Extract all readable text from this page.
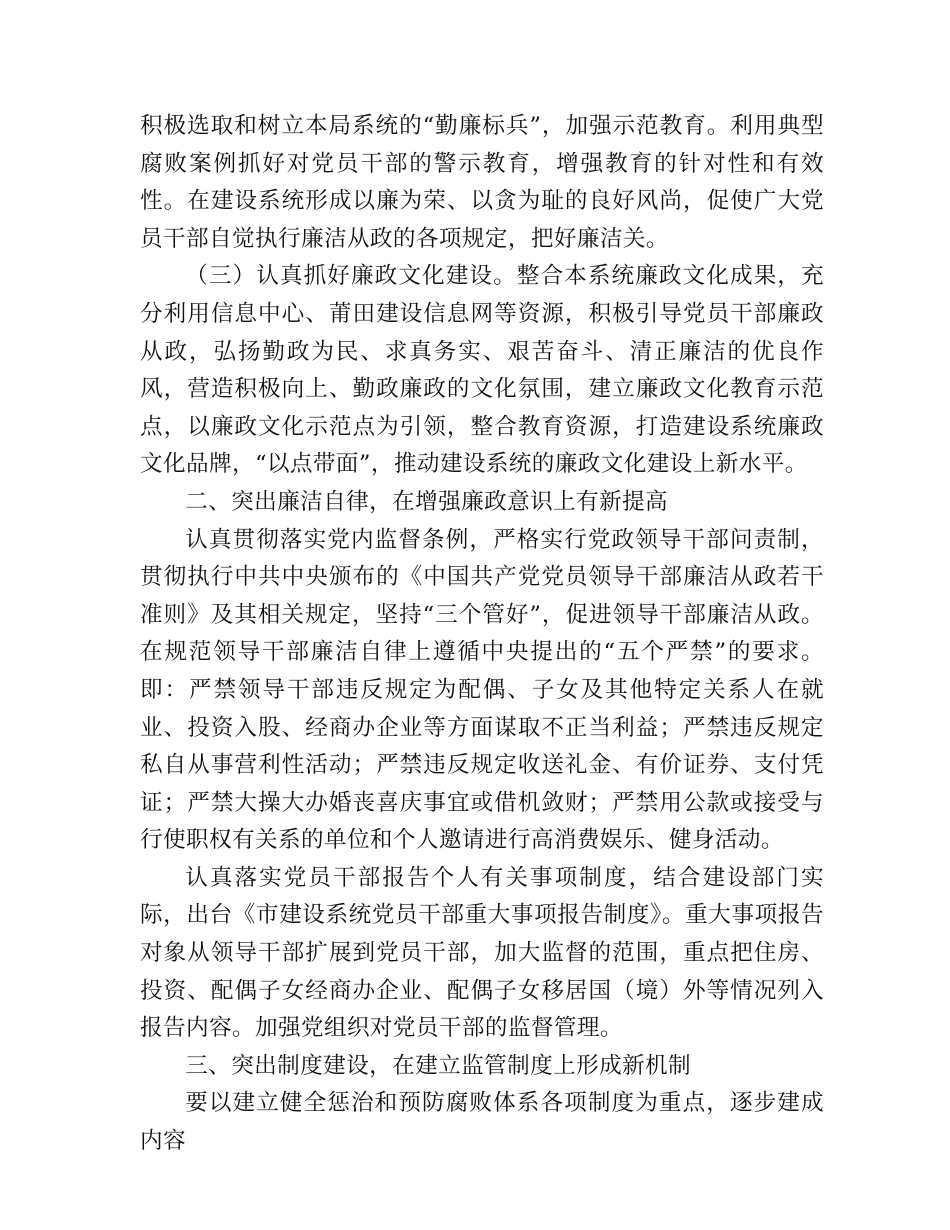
积极选取和树立本局系统的“勤廉标兵”，加强示范教育。利用典型腐败案例抓好对党员干部的警示教育，增强教育的针对性和有效性。在建设系统形成以廉为荣、以贪为耻的良好风尚，促使广大党员干部自觉执行廉洁从政的各项规定，把好廉洁关。

（三）认真抓好廉政文化建设。整合本系统廉政文化成果，充分利用信息中心、莆田建设信息网等资源，积极引导党员干部廉政从政，弘扬勤政为民、求真务实、艰苦奋斗、清正廉洁的优良作风，营造积极向上、勤政廉政的文化氛围，建立廉政文化教育示范点，以廉政文化示范点为引领，整合教育资源，打造建设系统廉政文化品牌，“以点带面”，推动建设系统的廉政文化建设上新水平。

二、突出廉洁自律，在增强廉政意识上有新提高

认真贯彻落实党内监督条例，严格实行党政领导干部问责制，贯彻执行中共中央颁布的《中国共产党党员领导干部廉洁从政若干准则》及其相关规定，坚持“三个管好”，促进领导干部廉洁从政。在规范领导干部廉洁自律上遵循中央提出的“五个严禁”的要求。即：严禁领导干部违反规定为配偶、子女及其他特定关系人在就业、投资入股、经商办企业等方面谋取不正当利益；严禁违反规定私自从事营利性活动；严禁违反规定收送礼金、有价证券、支付凭证；严禁大操大办婚丧喜庆事宜或借机敛财；严禁用公款或接受与行使职权有关系的单位和个人邀请进行高消费娱乐、健身活动。

认真落实党员干部报告个人有关事项制度，结合建设部门实际，出台《市建设系统党员干部重大事项报告制度》。重大事项报告对象从领导干部扩展到党员干部，加大监督的范围，重点把住房、投资、配偶子女经商办企业、配偶子女移居国（境）外等情况列入报告内容。加强党组织对党员干部的监督管理。

三、突出制度建设，在建立监管制度上形成新机制

要以建立健全惩治和预防腐败体系各项制度为重点，逐步建成内容
